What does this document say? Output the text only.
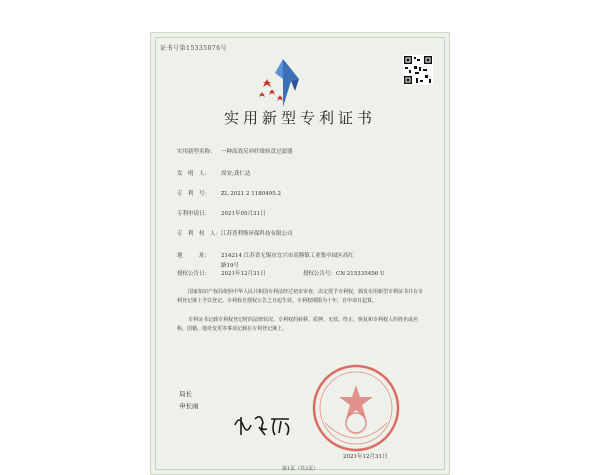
证书号第15335076号
实用新型专利证书
实用新型名称： 一种高效反冲纤维转盘过滤器
发　明　人： 周安;龚仁达
专　利　号： ZL 2021 2 1180495.2
专利申请日： 2021年05月31日
专　利　权　人：江苏普利斯环保科技有限公司
地　　　址： 214214 江苏省无锡市宜兴市高塍镇工业集中园区高红路19号
授权公告日： 2021年12月31日	授权公告号：CN 215335456 U
国家知识产权局依照中华人民共和国专利法经过初步审查，决定授予专利权，颁发实用新型专利证书并在专利登记簿上予以登记。专利权自授权公告之日起生效。专利权期限为十年，自申请日起算。
专利证书记载专利权登记时的法律状况。专利权的转移、质押、无效、终止、恢复和专利权人的姓名或名称、国籍、地址变更等事项记载在专利登记簿上。
局长
申长雨
2021年12月31日
第1页（共2页）
